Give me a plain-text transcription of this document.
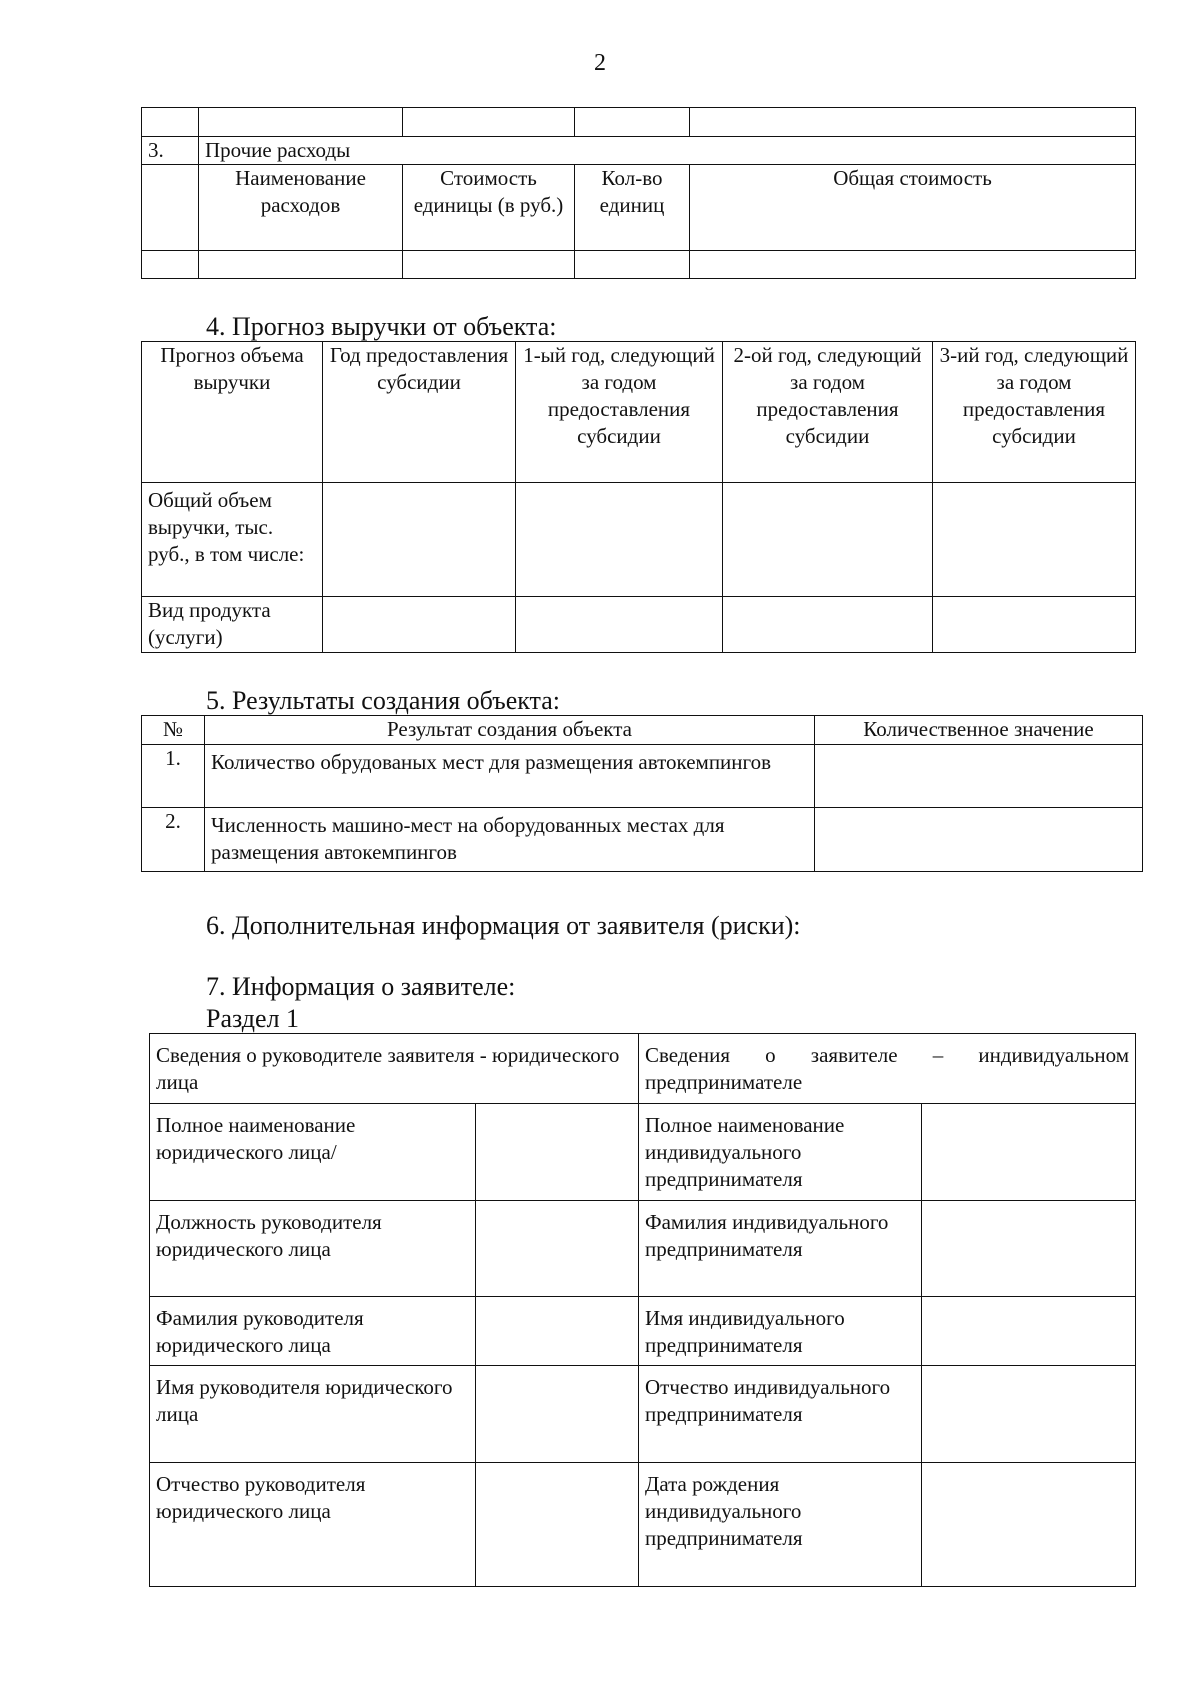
2

3.	Прочие расходы			
	Наименование расходов	Стоимость единицы (в руб.)	Кол-во единиц	Общая стоимость

4. Прогноз выручки от объекта:
Прогноз объема выручки	Год предоставления субсидии	1-ый год, следующий за годом предоставления субсидии	2-ой год, следующий за годом предоставления субсидии	3-ий год, следующий за годом предоставления субсидии
Общий объем выручки, тыс. руб., в том числе:				
Вид продукта (услуги)				
5. Результаты создания объекта:
№	Результат создания объекта	Количественное значение
1.	Количество обрудованых мест для размещения автокемпингов	
2.	Численность машино-мест на оборудованных местах для размещения автокемпингов	
6. Дополнительная информация от заявителя (риски):
7. Информация о заявителе:
Раздел 1
Сведения о руководителе заявителя - юридического лица		Сведения о заявителе – индивидуальном предпринимателе	
Полное наименование юридического лица/		Полное наименование индивидуального предпринимателя	
Должность руководителя юридического лица		Фамилия индивидуального предпринимателя	
Фамилия руководителя юридического лица		Имя индивидуального предпринимателя	
Имя руководителя юридического лица		Отчество индивидуального предпринимателя	
Отчество руководителя юридического лица		Дата рождения индивидуального предпринимателя	
